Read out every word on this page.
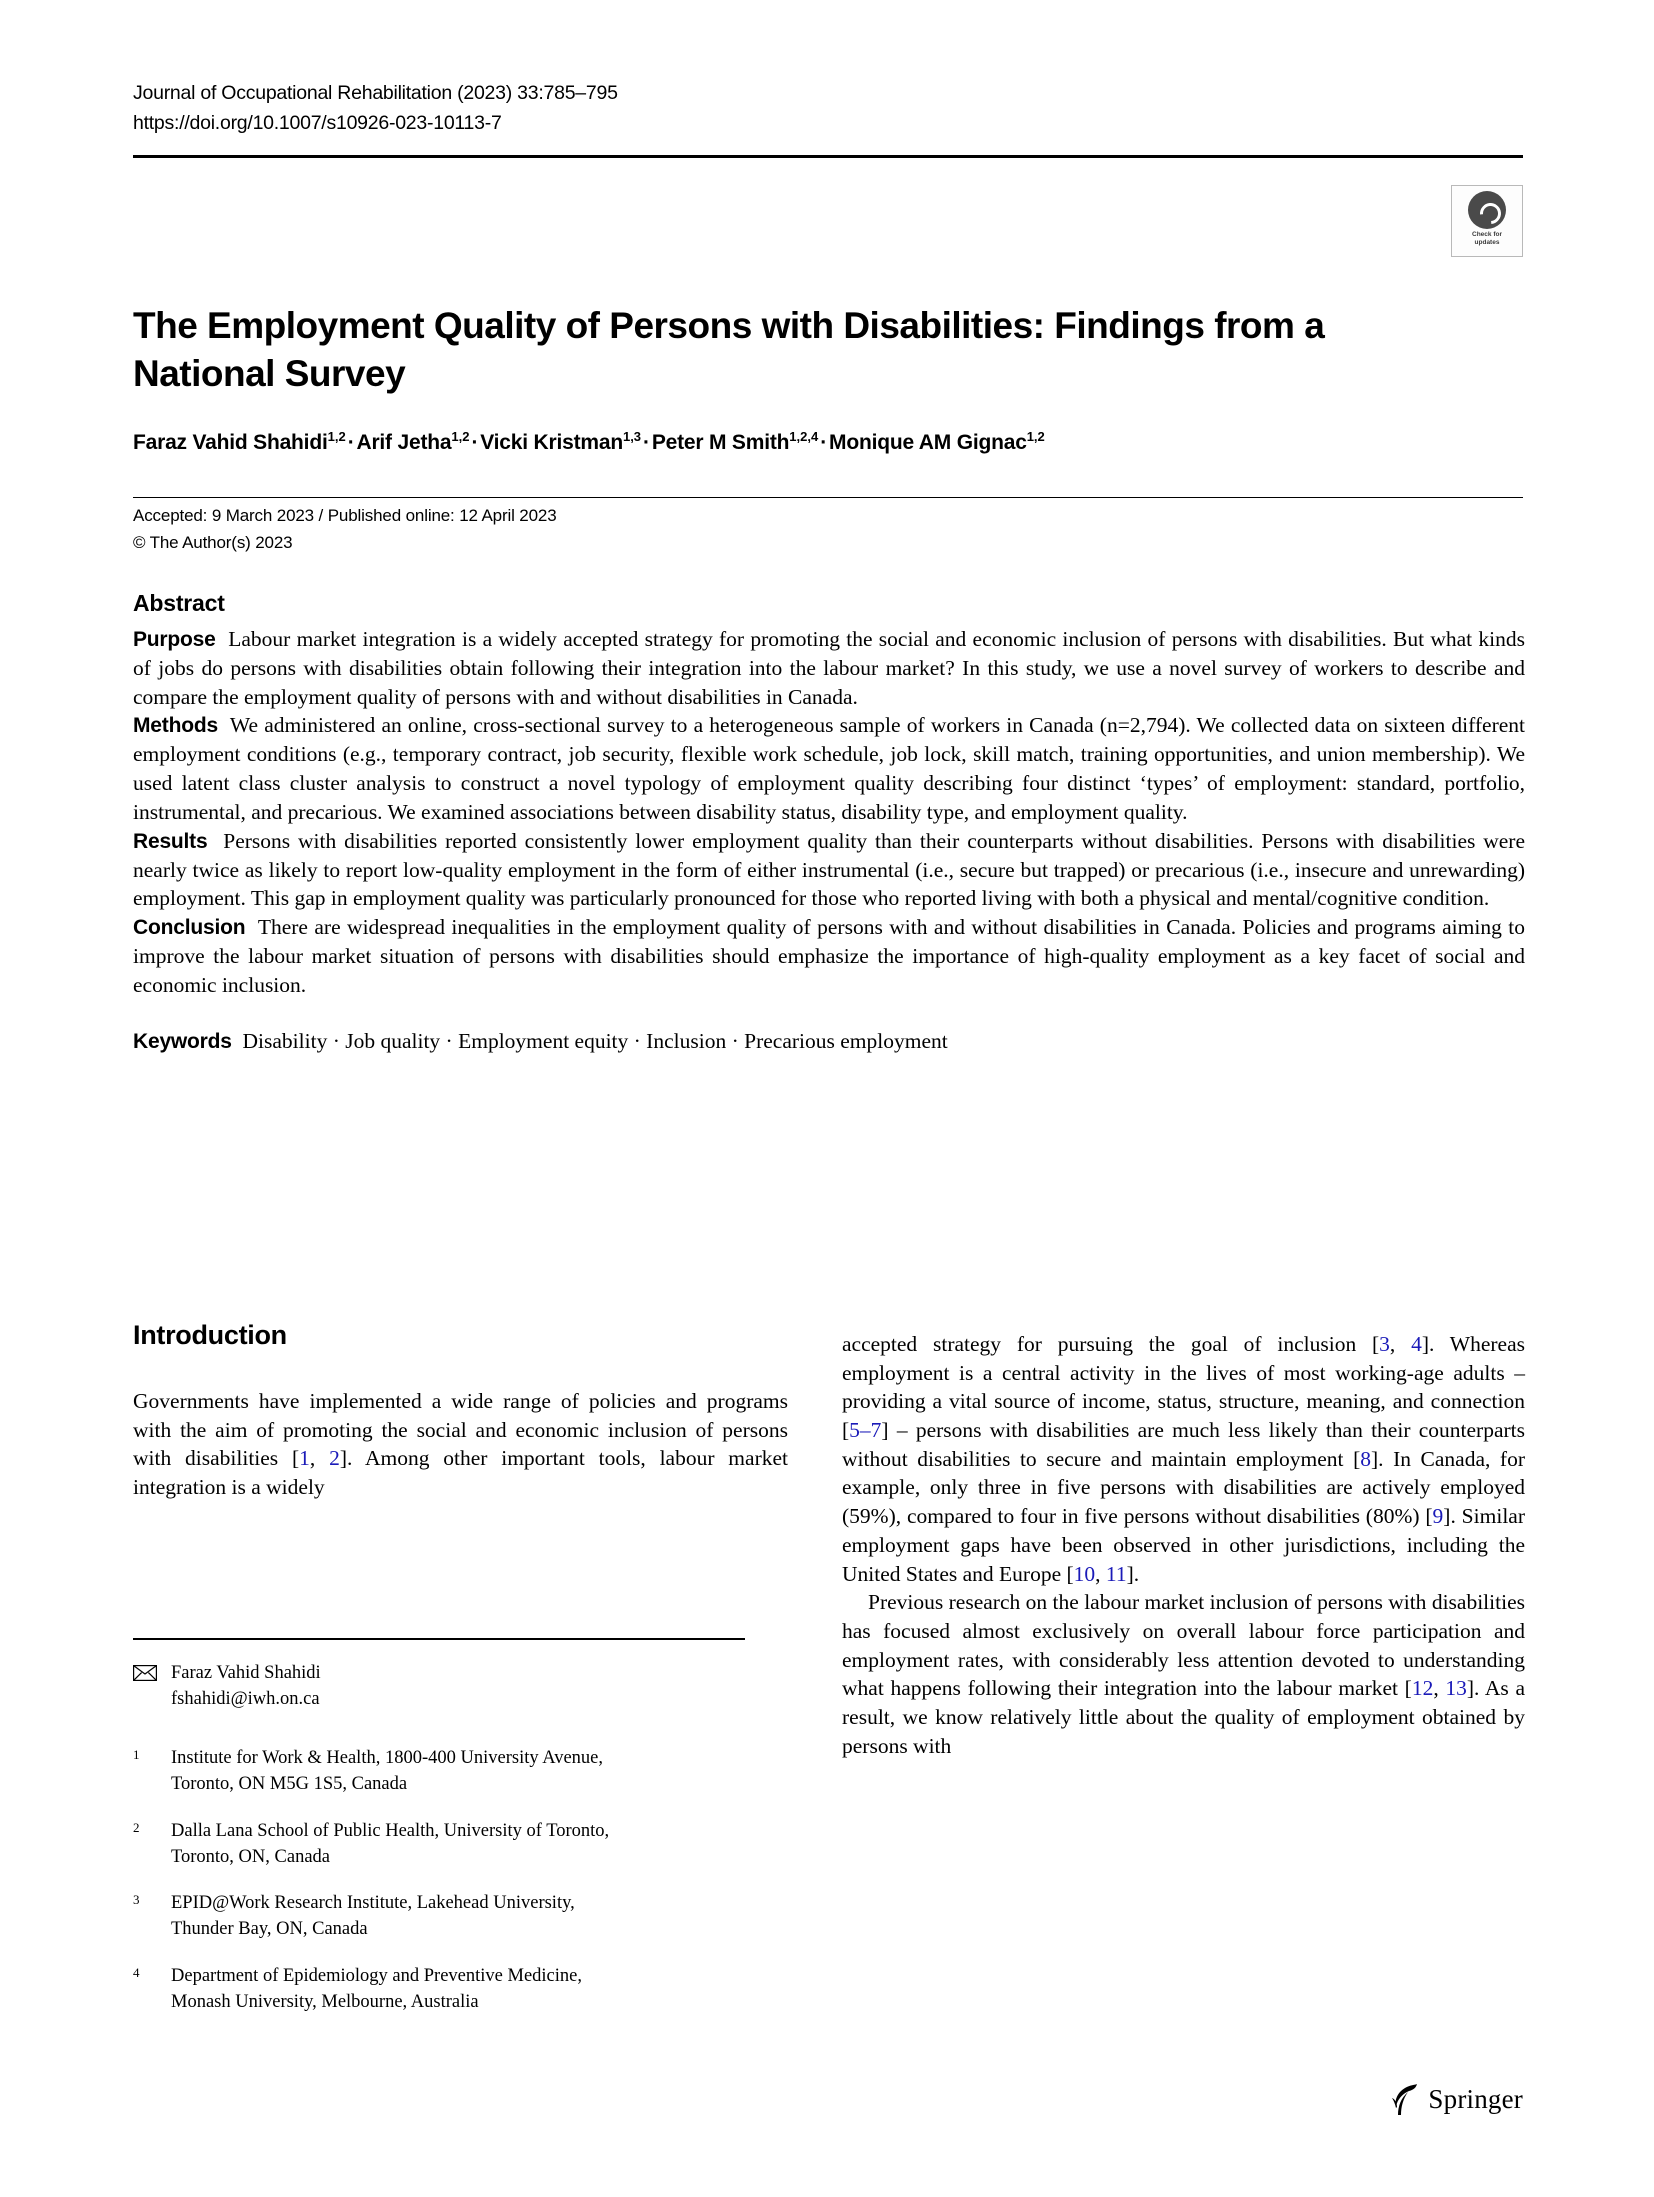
Journal of Occupational Rehabilitation (2023) 33:785–795
https://doi.org/10.1007/s10926-023-10113-7
Check for
updates
The Employment Quality of Persons with Disabilities: Findings from a National Survey
Faraz Vahid Shahidi$^{1,2}$·Arif Jetha$^{1,2}$·Vicki Kristman$^{1,3}$·Peter M Smith$^{1,2,4}$·Monique AM Gignac$^{1,2}$
Accepted: 9 March 2023 / Published online: 12 April 2023
© The Author(s) 2023
Abstract

Purpose Labour market integration is a widely accepted strategy for promoting the social and economic inclusion of persons with disabilities. But what kinds of jobs do persons with disabilities obtain following their integration into the labour market? In this study, we use a novel survey of workers to describe and compare the employment quality of persons with and without disabilities in Canada.

Methods We administered an online, cross-sectional survey to a heterogeneous sample of workers in Canada (n=2,794). We collected data on sixteen different employment conditions (e.g., temporary contract, job security, flexible work schedule, job lock, skill match, training opportunities, and union membership). We used latent class cluster analysis to construct a novel typology of employment quality describing four distinct ‘types’ of employment: standard, portfolio, instrumental, and precarious. We examined associations between disability status, disability type, and employment quality.

Results Persons with disabilities reported consistently lower employment quality than their counterparts without disabilities. Persons with disabilities were nearly twice as likely to report low-quality employment in the form of either instrumental (i.e., secure but trapped) or precarious (i.e., insecure and unrewarding) employment. This gap in employment quality was particularly pronounced for those who reported living with both a physical and mental/cognitive condition.

Conclusion There are widespread inequalities in the employment quality of persons with and without disabilities in Canada. Policies and programs aiming to improve the labour market situation of persons with disabilities should emphasize the importance of high-quality employment as a key facet of social and economic inclusion.

Keywords Disability · Job quality · Employment equity · Inclusion · Precarious employment

Introduction

Governments have implemented a wide range of policies and programs with the aim of promoting the social and economic inclusion of persons with disabilities [1, 2]. Among other important tools, labour market integration is a widely

accepted strategy for pursuing the goal of inclusion [3, 4]. Whereas employment is a central activity in the lives of most working-age adults – providing a vital source of income, status, structure, meaning, and connection [5–7] – persons with disabilities are much less likely than their counterparts without disabilities to secure and maintain employment [8]. In Canada, for example, only three in five persons with disabilities are actively employed (59%), compared to four in five persons without disabilities (80%) [9]. Similar employment gaps have been observed in other jurisdictions, including the United States and Europe [10, 11].

Previous research on the labour market inclusion of persons with disabilities has focused almost exclusively on overall labour force participation and employment rates, with considerably less attention devoted to understanding what happens following their integration into the labour market [12, 13]. As a result, we know relatively little about the quality of employment obtained by persons with

Faraz Vahid Shahidi
fshahidi@iwh.on.ca
1	Institute for Work & Health, 1800-400 University Avenue,
Toronto, ON M5G 1S5, Canada
2	Dalla Lana School of Public Health, University of Toronto,
Toronto, ON, Canada
3	EPID@Work Research Institute, Lakehead University,
Thunder Bay, ON, Canada
4	Department of Epidemiology and Preventive Medicine,
Monash University, Melbourne, Australia
Springer
